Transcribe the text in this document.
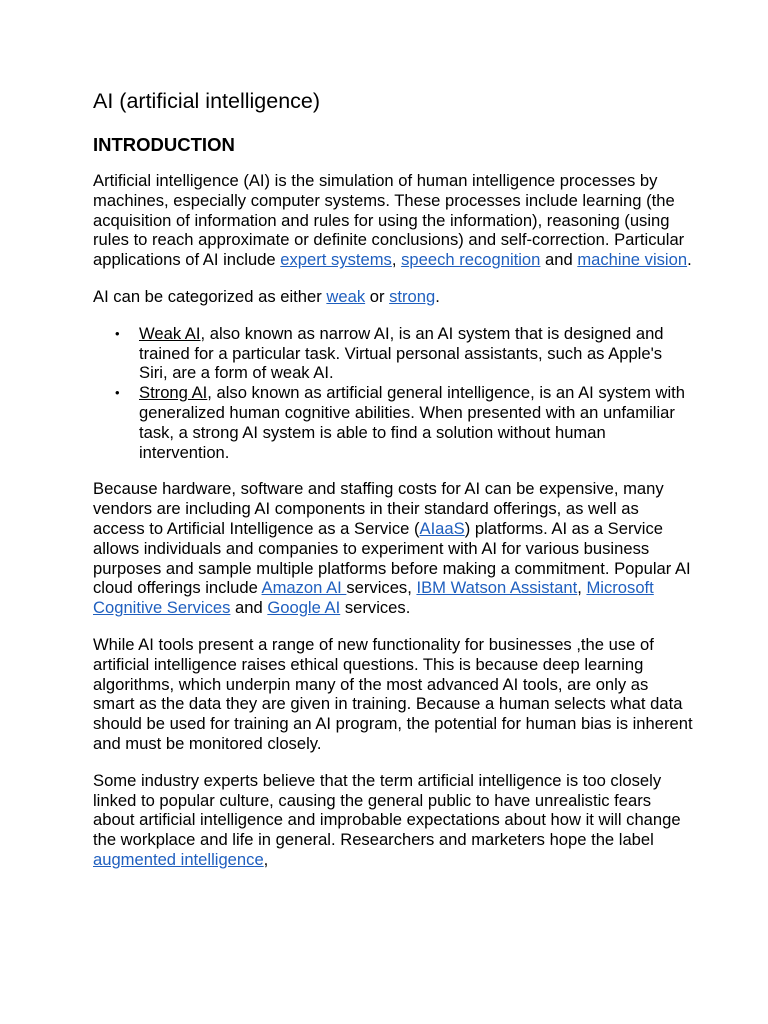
AI (artificial intelligence)
INTRODUCTION

Artificial intelligence (AI) is the simulation of human intelligence processes by machines, especially computer systems. These processes include learning (the acquisition of information and rules for using the information), reasoning (using rules to reach approximate or definite conclusions) and self-correction. Particular applications of AI include expert systems, speech recognition and machine vision.

AI can be categorized as either weak or strong.

• Weak AI, also known as narrow AI, is an AI system that is designed and trained for a particular task. Virtual personal assistants, such as Apple's Siri, are a form of weak AI.
• Strong AI, also known as artificial general intelligence, is an AI system with generalized human cognitive abilities. When presented with an unfamiliar task, a strong AI system is able to find a solution without human intervention.

Because hardware, software and staffing costs for AI can be expensive, many vendors are including AI components in their standard offerings, as well as access to Artificial Intelligence as a Service (AIaaS) platforms. AI as a Service allows individuals and companies to experiment with AI for various business purposes and sample multiple platforms before making a commitment. Popular AI cloud offerings include Amazon AI services, IBM Watson Assistant, Microsoft Cognitive Services and Google AI services.

While AI tools present a range of new functionality for businesses ,the use of artificial intelligence raises ethical questions. This is because deep learning algorithms, which underpin many of the most advanced AI tools, are only as smart as the data they are given in training. Because a human selects what data should be used for training an AI program, the potential for human bias is inherent and must be monitored closely.

Some industry experts believe that the term artificial intelligence is too closely linked to popular culture, causing the general public to have unrealistic fears about artificial intelligence and improbable expectations about how it will change the workplace and life in general. Researchers and marketers hope the label augmented intelligence,
